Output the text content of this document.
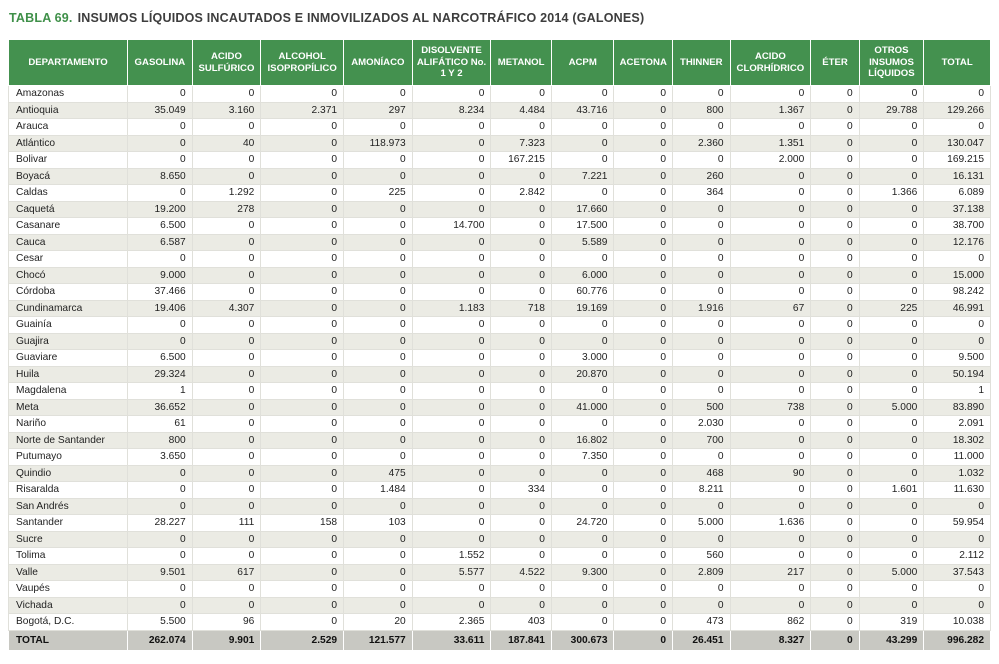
TABLA 69. INSUMOS LÍQUIDOS INCAUTADOS E INMOVILIZADOS AL NARCOTRÁFICO 2014 (GALONES)
DEPARTAMENTO	GASOLINA	ACIDO SULFÚRICO	ALCOHOL ISOPROPÍLICO	AMONÍACO	DISOLVENTE ALIFÁTICO No. 1 Y 2	METANOL	ACPM	ACETONA	THINNER	ACIDO CLORHÍDRICO	ÉTER	OTROS INSUMOS LÍQUIDOS	TOTAL
Amazonas	0	0	0	0	0	0	0	0	0	0	0	0	0
Antioquia	35.049	3.160	2.371	297	8.234	4.484	43.716	0	800	1.367	0	29.788	129.266
Arauca	0	0	0	0	0	0	0	0	0	0	0	0	0
Atlántico	0	40	0	118.973	0	7.323	0	0	2.360	1.351	0	0	130.047
Bolivar	0	0	0	0	0	167.215	0	0	0	2.000	0	0	169.215
Boyacá	8.650	0	0	0	0	0	7.221	0	260	0	0	0	16.131
Caldas	0	1.292	0	225	0	2.842	0	0	364	0	0	1.366	6.089
Caquetá	19.200	278	0	0	0	0	17.660	0	0	0	0	0	37.138
Casanare	6.500	0	0	0	14.700	0	17.500	0	0	0	0	0	38.700
Cauca	6.587	0	0	0	0	0	5.589	0	0	0	0	0	12.176
Cesar	0	0	0	0	0	0	0	0	0	0	0	0	0
Chocó	9.000	0	0	0	0	0	6.000	0	0	0	0	0	15.000
Córdoba	37.466	0	0	0	0	0	60.776	0	0	0	0	0	98.242
Cundinamarca	19.406	4.307	0	0	1.183	718	19.169	0	1.916	67	0	225	46.991
Guainía	0	0	0	0	0	0	0	0	0	0	0	0	0
Guajira	0	0	0	0	0	0	0	0	0	0	0	0	0
Guaviare	6.500	0	0	0	0	0	3.000	0	0	0	0	0	9.500
Huila	29.324	0	0	0	0	0	20.870	0	0	0	0	0	50.194
Magdalena	1	0	0	0	0	0	0	0	0	0	0	0	1
Meta	36.652	0	0	0	0	0	41.000	0	500	738	0	5.000	83.890
Nariño	61	0	0	0	0	0	0	0	2.030	0	0	0	2.091
Norte de Santander	800	0	0	0	0	0	16.802	0	700	0	0	0	18.302
Putumayo	3.650	0	0	0	0	0	7.350	0	0	0	0	0	11.000
Quindio	0	0	0	475	0	0	0	0	468	90	0	0	1.032
Risaralda	0	0	0	1.484	0	334	0	0	8.211	0	0	1.601	11.630
San Andrés	0	0	0	0	0	0	0	0	0	0	0	0	0
Santander	28.227	111	158	103	0	0	24.720	0	5.000	1.636	0	0	59.954
Sucre	0	0	0	0	0	0	0	0	0	0	0	0	0
Tolima	0	0	0	0	1.552	0	0	0	560	0	0	0	2.112
Valle	9.501	617	0	0	5.577	4.522	9.300	0	2.809	217	0	5.000	37.543
Vaupés	0	0	0	0	0	0	0	0	0	0	0	0	0
Vichada	0	0	0	0	0	0	0	0	0	0	0	0	0
Bogotá, D.C.	5.500	96	0	20	2.365	403	0	0	473	862	0	319	10.038
TOTAL	262.074	9.901	2.529	121.577	33.611	187.841	300.673	0	26.451	8.327	0	43.299	996.282
